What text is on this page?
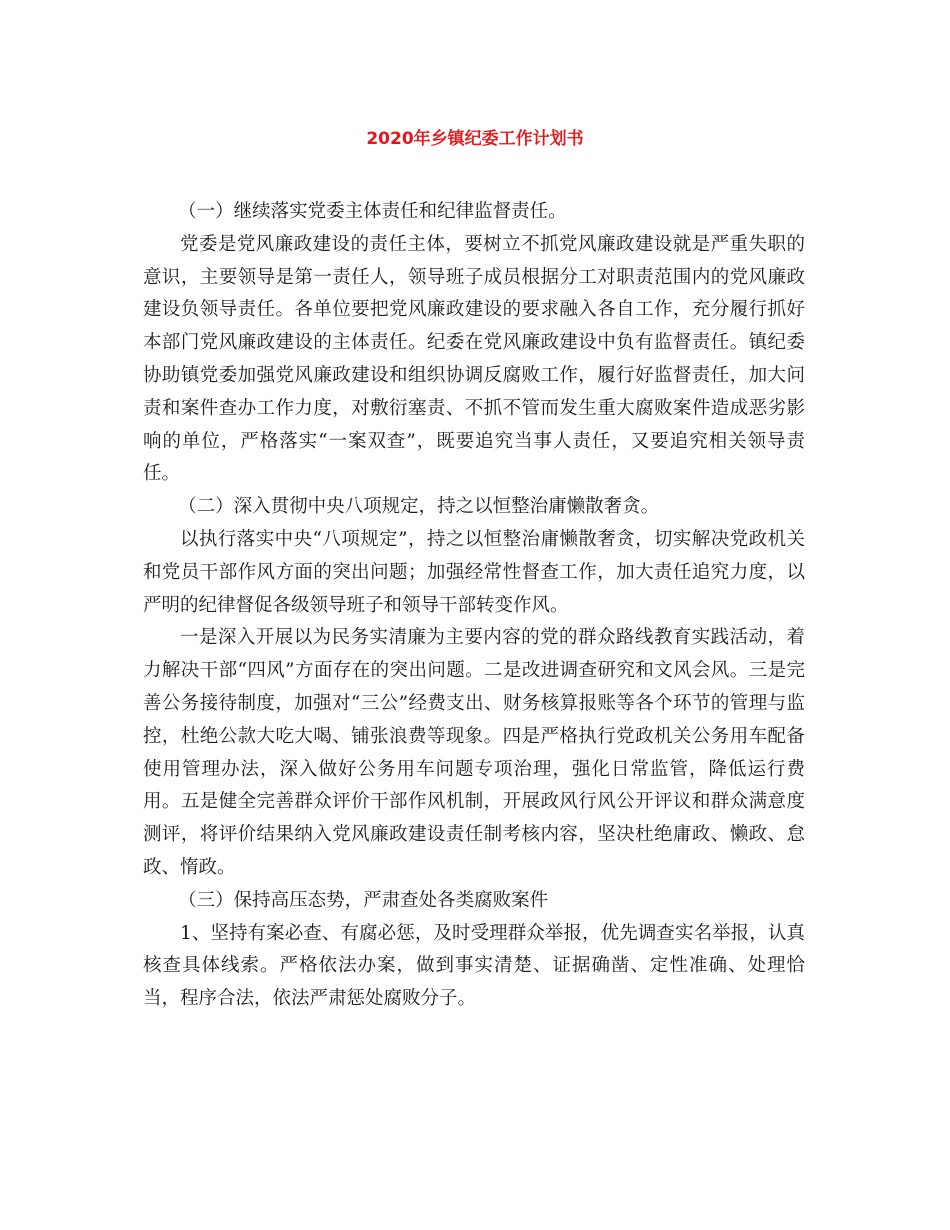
2020年乡镇纪委工作计划书

（一）继续落实党委主体责任和纪律监督责任。

党委是党风廉政建设的责任主体，要树立不抓党风廉政建设就是严重失职的意识，主要领导是第一责任人，领导班子成员根据分工对职责范围内的党风廉政建设负领导责任。各单位要把党风廉政建设的要求融入各自工作，充分履行抓好本部门党风廉政建设的主体责任。纪委在党风廉政建设中负有监督责任。镇纪委协助镇党委加强党风廉政建设和组织协调反腐败工作，履行好监督责任，加大问责和案件查办工作力度，对敷衍塞责、不抓不管而发生重大腐败案件造成恶劣影响的单位，严格落实“一案双查”，既要追究当事人责任，又要追究相关领导责任。

（二）深入贯彻中央八项规定，持之以恒整治庸懒散奢贪。

以执行落实中央“八项规定”，持之以恒整治庸懒散奢贪，切实解决党政机关和党员干部作风方面的突出问题；加强经常性督查工作，加大责任追究力度，以严明的纪律督促各级领导班子和领导干部转变作风。

一是深入开展以为民务实清廉为主要内容的党的群众路线教育实践活动，着力解决干部“四风”方面存在的突出问题。二是改进调查研究和文风会风。三是完善公务接待制度，加强对“三公”经费支出、财务核算报账等各个环节的管理与监控，杜绝公款大吃大喝、铺张浪费等现象。四是严格执行党政机关公务用车配备使用管理办法，深入做好公务用车问题专项治理，强化日常监管，降低运行费用。五是健全完善群众评价干部作风机制，开展政风行风公开评议和群众满意度测评，将评价结果纳入党风廉政建设责任制考核内容，坚决杜绝庸政、懒政、怠政、惰政。

（三）保持高压态势，严肃查处各类腐败案件

1、坚持有案必查、有腐必惩，及时受理群众举报，优先调查实名举报，认真核查具体线索。严格依法办案，做到事实清楚、证据确凿、定性准确、处理恰当，程序合法，依法严肃惩处腐败分子。
